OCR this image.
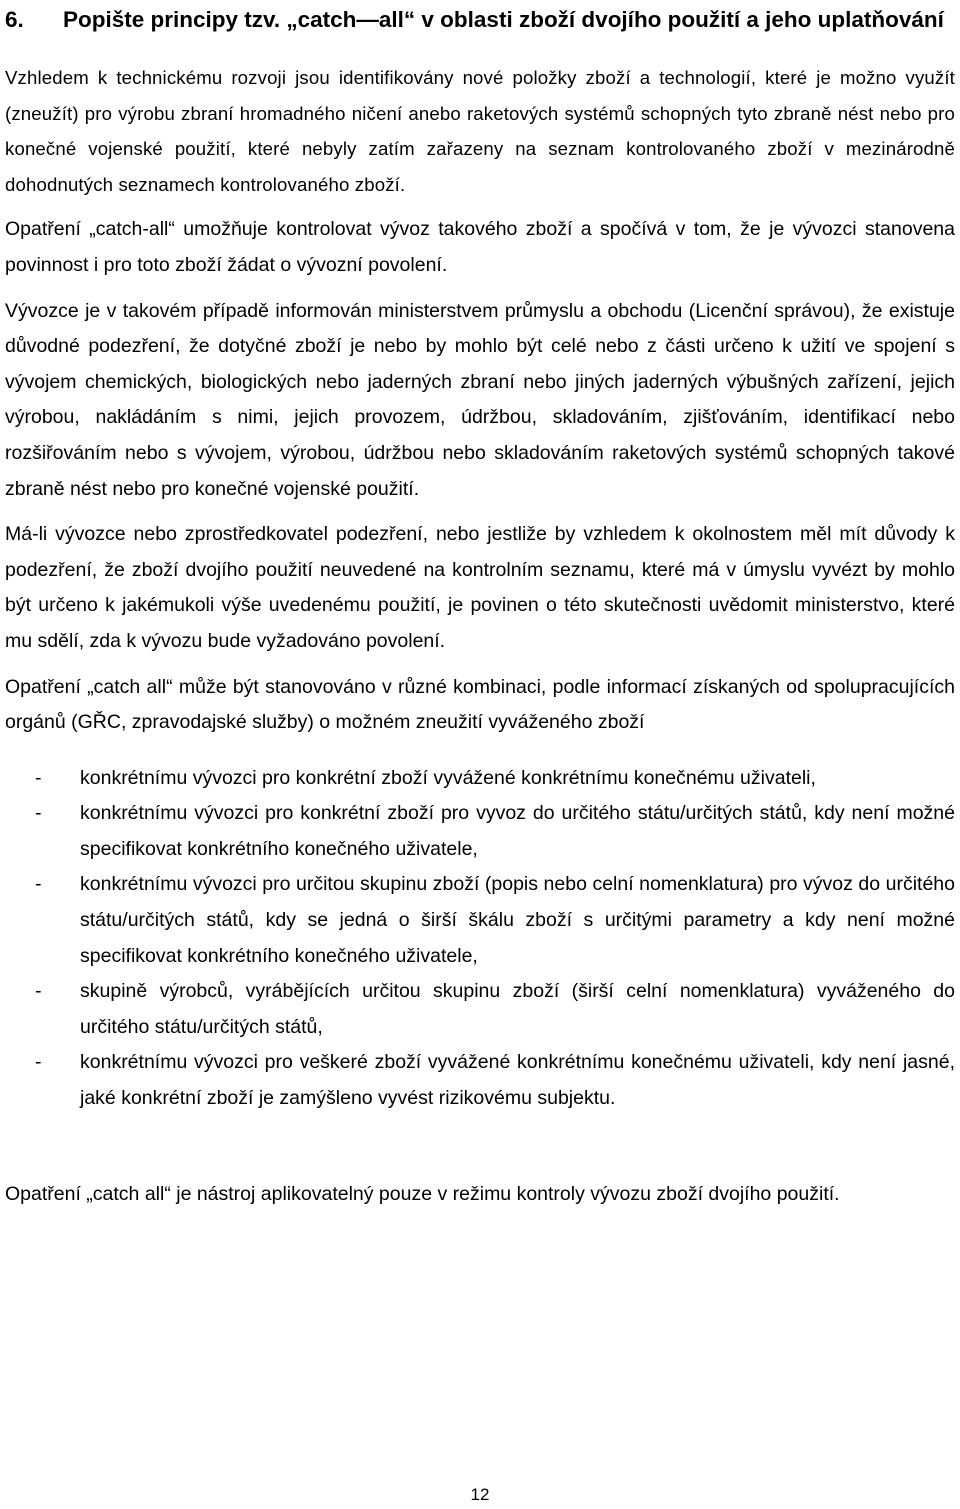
6.	Popište principy tzv. „catch—all“ v oblasti zboží dvojího použití a jeho uplatňování

Vzhledem k technickému rozvoji jsou identifikovány nové položky zboží a technologií, které je možno využít (zneužít) pro výrobu zbraní hromadného ničení anebo raketových systémů schopných tyto zbraně nést nebo pro konečné vojenské použití, které nebyly zatím zařazeny na seznam kontrolovaného zboží v mezinárodně dohodnutých seznamech kontrolovaného zboží.

Opatření „catch-all“ umožňuje kontrolovat vývoz takového zboží a spočívá v tom, že je vývozci stanovena povinnost i pro toto zboží žádat o vývozní povolení.

Vývozce je v takovém případě informován ministerstvem průmyslu a obchodu (Licenční správou), že existuje důvodné podezření, že dotyčné zboží je nebo by mohlo být celé nebo z části určeno k užití ve spojení s vývojem chemických, biologických nebo jaderných zbraní nebo jiných jaderných výbušných zařízení, jejich výrobou, nakládáním s nimi, jejich provozem, údržbou, skladováním, zjišťováním, identifikací nebo rozšiřováním nebo s vývojem, výrobou, údržbou nebo skladováním raketových systémů schopných takové zbraně nést nebo pro konečné vojenské použití.

Má-li vývozce nebo zprostředkovatel podezření, nebo jestliže by vzhledem k okolnostem měl mít důvody k podezření, že zboží dvojího použití neuvedené na kontrolním seznamu, které má v úmyslu vyvézt by mohlo být určeno k jakémukoli výše uvedenému použití, je povinen o této skutečnosti uvědomit ministerstvo, které mu sdělí, zda k vývozu bude vyžadováno povolení.

Opatření „catch all“ může být stanovováno v různé kombinaci, podle informací získaných od spolupracujících orgánů (GŘC, zpravodajské služby) o možném zneužití vyváženého zboží

-	konkrétnímu vývozci pro konkrétní zboží vyvážené konkrétnímu konečnému uživateli,
-	konkrétnímu vývozci pro konkrétní zboží pro vyvoz do určitého státu/určitých států, kdy není možné specifikovat konkrétního konečného uživatele,
-	konkrétnímu vývozci pro určitou skupinu zboží (popis nebo celní nomenklatura) pro vývoz do určitého státu/určitých států, kdy se jedná o širší škálu zboží s určitými parametry a kdy není možné specifikovat konkrétního konečného uživatele,
-	skupině výrobců, vyrábějících určitou skupinu zboží (širší celní nomenklatura) vyváženého do určitého státu/určitých států,
-	konkrétnímu vývozci pro veškeré zboží vyvážené konkrétnímu konečnému uživateli, kdy není jasné, jaké konkrétní zboží je zamýšleno vyvést rizikovému subjektu.

Opatření „catch all“ je nástroj aplikovatelný pouze v režimu kontroly vývozu zboží dvojího použití.

12
